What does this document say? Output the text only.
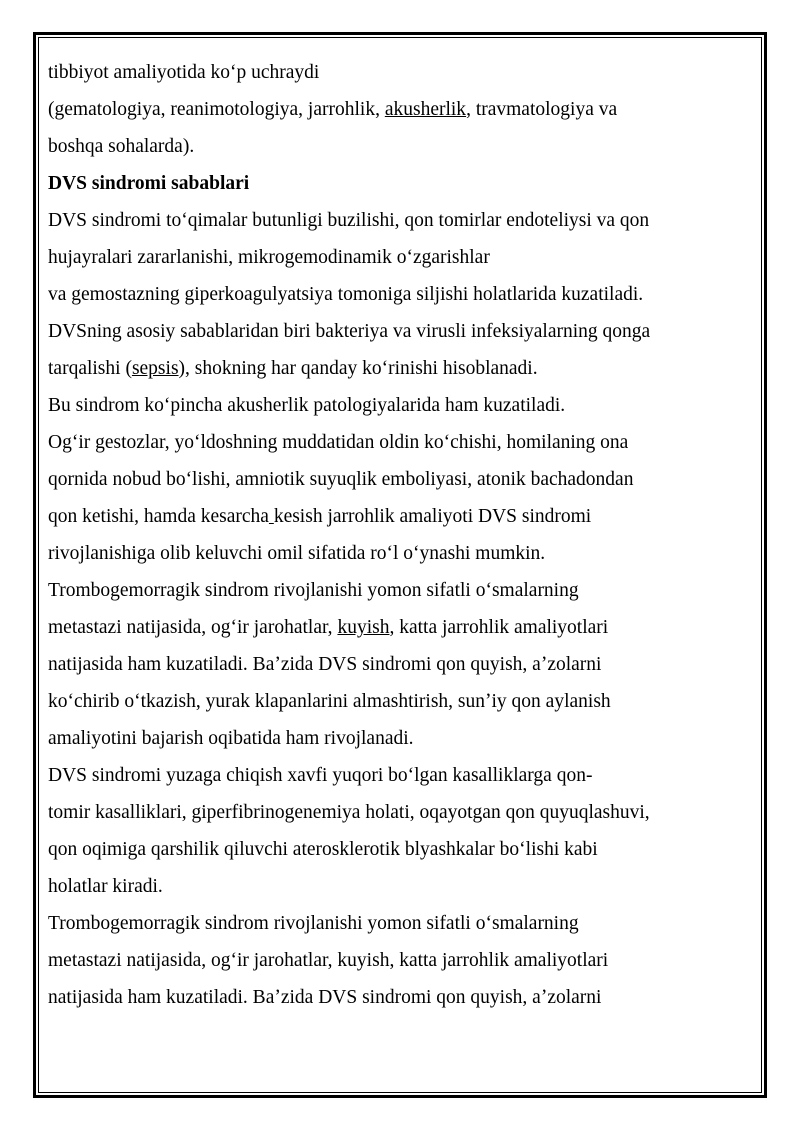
tibbiyot amaliyotida koʻp uchraydi
(gematologiya, reanimotologiya, jarrohlik, akusherlik, travmatologiya va
boshqa sohalarda).
DVS sindromi sabablari
DVS sindromi toʻqimalar butunligi buzilishi, qon tomirlar endoteliysi va qon
hujayralari zararlanishi, mikrogemodinamik oʻzgarishlar
va gemostazning giperkoagulyatsiya tomoniga siljishi holatlarida kuzatiladi.
DVSning asosiy sabablaridan biri bakteriya va virusli infeksiyalarning qonga
tarqalishi (sepsis), shokning har qanday koʻrinishi hisoblanadi.
Bu sindrom koʻpincha akusherlik patologiyalarida ham kuzatiladi.
Ogʻir gestozlar, yoʻldoshning muddatidan oldin koʻchishi, homilaning ona
qornida nobud boʻlishi, amniotik suyuqlik emboliyasi, atonik bachadondan
qon ketishi, hamda kesarcha kesish jarrohlik amaliyoti DVS sindromi
rivojlanishiga olib keluvchi omil sifatida roʻl oʻynashi mumkin.
Trombogemorragik sindrom rivojlanishi yomon sifatli oʻsmalarning
metastazi natijasida, ogʻir jarohatlar, kuyish, katta jarrohlik amaliyotlari
natijasida ham kuzatiladi. Baʼzida DVS sindromi qon quyish, aʼzolarni
koʻchirib oʻtkazish, yurak klapanlarini almashtirish, sunʼiy qon aylanish
amaliyotini bajarish oqibatida ham rivojlanadi.
DVS sindromi yuzaga chiqish xavfi yuqori boʻlgan kasalliklarga qon-
tomir kasalliklari, giperfibrinogenemiya holati, oqayotgan qon quyuqlashuvi,
qon oqimiga qarshilik qiluvchi aterosklerotik blyashkalar boʻlishi kabi
holatlar kiradi.
Trombogemorragik sindrom rivojlanishi yomon sifatli oʻsmalarning
metastazi natijasida, ogʻir jarohatlar, kuyish, katta jarrohlik amaliyotlari
natijasida ham kuzatiladi. Baʼzida DVS sindromi qon quyish, aʼzolarni
